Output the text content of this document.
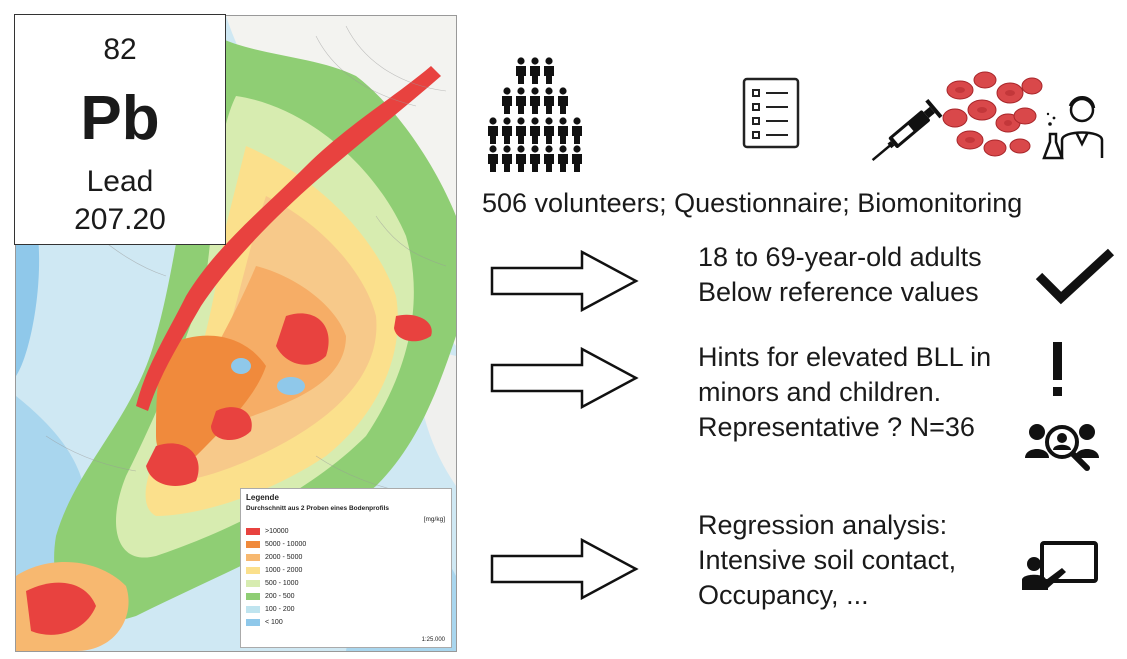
82
Pb
Lead
207.20
Legende
Durchschnitt aus 2 Proben eines Bodenprofils
[mg/kg]
>10000
5000 - 10000
2000 - 5000
1000 - 2000
500 - 1000
200 - 500
100 - 200
< 100
1:25.000
506 volunteers; Questionnaire; Biomonitoring
18 to 69-year-old adults
Below reference values
Hints for elevated BLL in
minors and children.
Representative ? N=36
Regression analysis:
Intensive soil contact,
Occupancy, ...
